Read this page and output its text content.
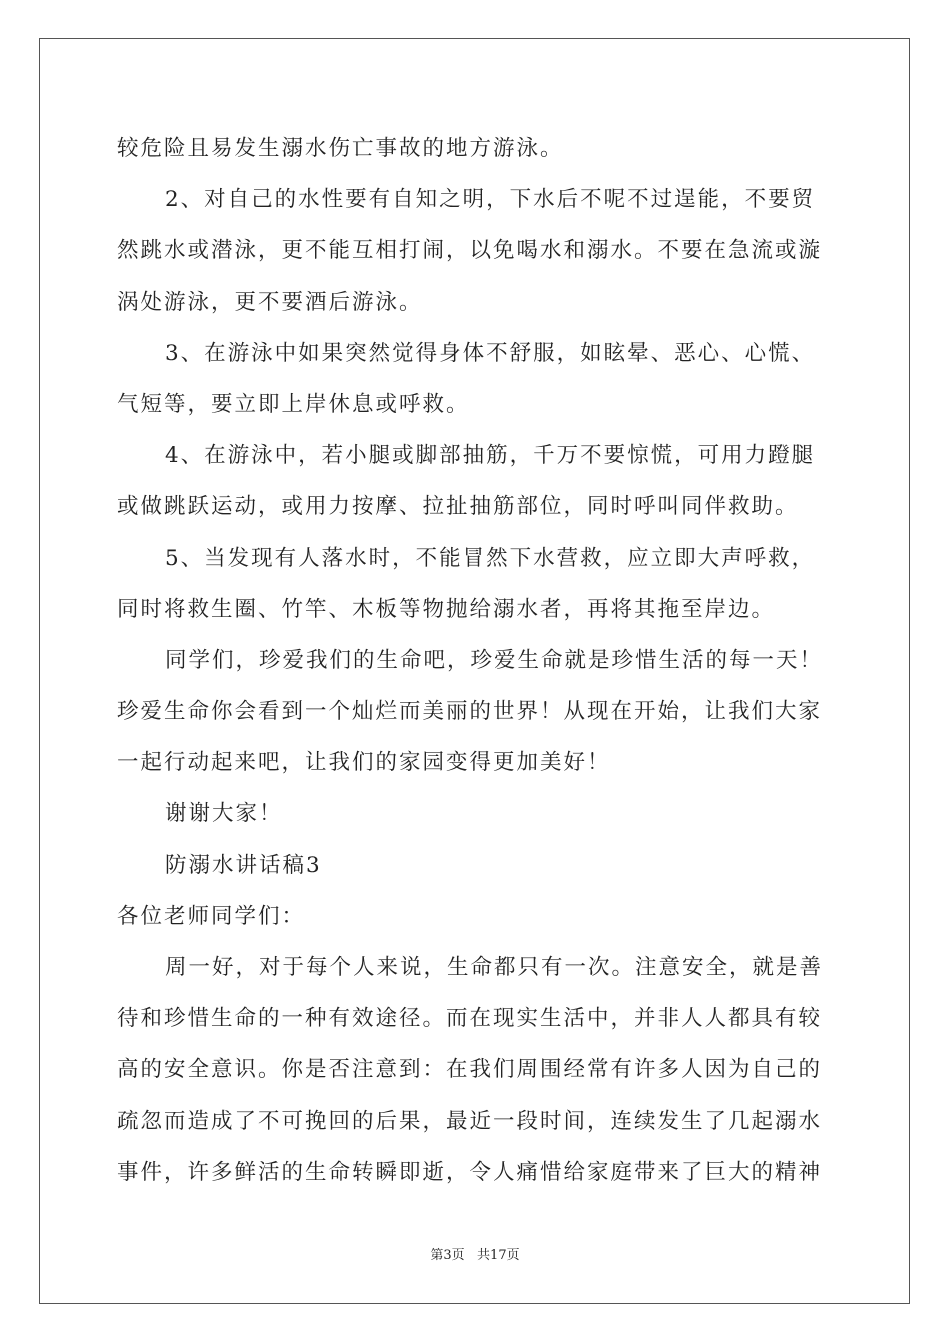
较危险且易发生溺水伤亡事故的地方游泳。
2、对自己的水性要有自知之明，下水后不呢不过逞能，不要贸
然跳水或潜泳，更不能互相打闹，以免喝水和溺水。不要在急流或漩
涡处游泳，更不要酒后游泳。
3、在游泳中如果突然觉得身体不舒服，如眩晕、恶心、心慌、
气短等，要立即上岸休息或呼救。
4、在游泳中，若小腿或脚部抽筋，千万不要惊慌，可用力蹬腿
或做跳跃运动，或用力按摩、拉扯抽筋部位，同时呼叫同伴救助。
5、当发现有人落水时，不能冒然下水营救，应立即大声呼救，
同时将救生圈、竹竿、木板等物抛给溺水者，再将其拖至岸边。
同学们，珍爱我们的生命吧，珍爱生命就是珍惜生活的每一天！
珍爱生命你会看到一个灿烂而美丽的世界！从现在开始，让我们大家
一起行动起来吧，让我们的家园变得更加美好！
谢谢大家！
防溺水讲话稿3
各位老师同学们：
周一好，对于每个人来说，生命都只有一次。注意安全，就是善
待和珍惜生命的一种有效途径。而在现实生活中，并非人人都具有较
高的安全意识。你是否注意到：在我们周围经常有许多人因为自己的
疏忽而造成了不可挽回的后果，最近一段时间，连续发生了几起溺水
事件，许多鲜活的生命转瞬即逝，令人痛惜给家庭带来了巨大的精神
第3页   共17页
